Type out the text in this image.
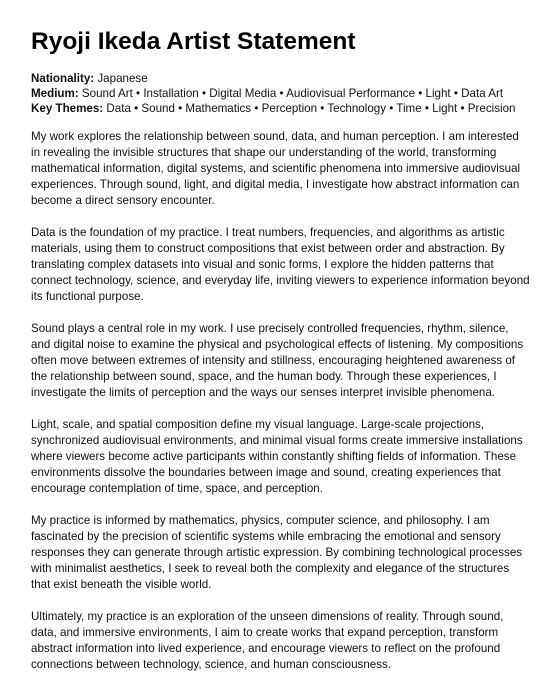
Ryoji Ikeda Artist Statement
Nationality: Japanese
Medium: Sound Art • Installation • Digital Media • Audiovisual Performance • Light • Data Art
Key Themes: Data • Sound • Mathematics • Perception • Technology • Time • Light • Precision

My work explores the relationship between sound, data, and human perception. I am interested in revealing the invisible structures that shape our understanding of the world, transforming mathematical information, digital systems, and scientific phenomena into immersive audiovisual experiences. Through sound, light, and digital media, I investigate how abstract information can become a direct sensory encounter.

Data is the foundation of my practice. I treat numbers, frequencies, and algorithms as artistic materials, using them to construct compositions that exist between order and abstraction. By translating complex datasets into visual and sonic forms, I explore the hidden patterns that connect technology, science, and everyday life, inviting viewers to experience information beyond its functional purpose.

Sound plays a central role in my work. I use precisely controlled frequencies, rhythm, silence, and digital noise to examine the physical and psychological effects of listening. My compositions often move between extremes of intensity and stillness, encouraging heightened awareness of the relationship between sound, space, and the human body. Through these experiences, I investigate the limits of perception and the ways our senses interpret invisible phenomena.

Light, scale, and spatial composition define my visual language. Large-scale projections, synchronized audiovisual environments, and minimal visual forms create immersive installations where viewers become active participants within constantly shifting fields of information. These environments dissolve the boundaries between image and sound, creating experiences that encourage contemplation of time, space, and perception.

My practice is informed by mathematics, physics, computer science, and philosophy. I am fascinated by the precision of scientific systems while embracing the emotional and sensory responses they can generate through artistic expression. By combining technological processes with minimalist aesthetics, I seek to reveal both the complexity and elegance of the structures that exist beneath the visible world.

Ultimately, my practice is an exploration of the unseen dimensions of reality. Through sound, data, and immersive environments, I aim to create works that expand perception, transform abstract information into lived experience, and encourage viewers to reflect on the profound connections between technology, science, and human consciousness.
